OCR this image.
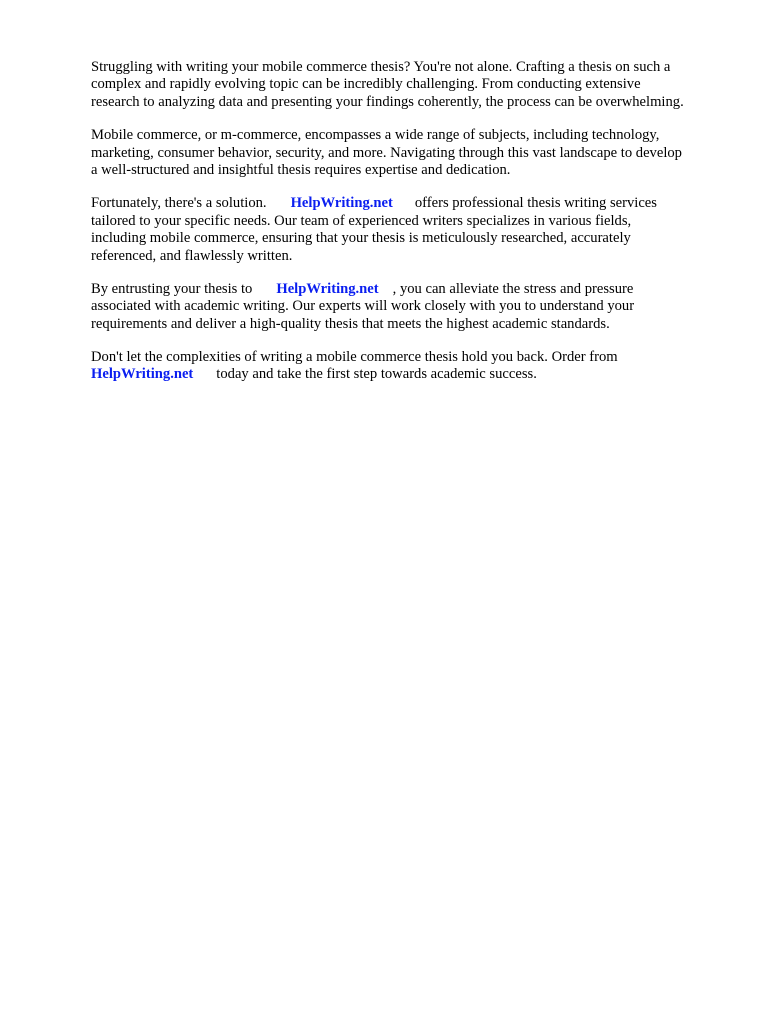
Struggling with writing your mobile commerce thesis? You're not alone. Crafting a thesis on such a
complex and rapidly evolving topic can be incredibly challenging. From conducting extensive
research to analyzing data and presenting your findings coherently, the process can be overwhelming.

Mobile commerce, or m-commerce, encompasses a wide range of subjects, including technology,
marketing, consumer behavior, security, and more. Navigating through this vast landscape to develop
a well-structured and insightful thesis requires expertise and dedication.

Fortunately, there's a solution. HelpWriting.net offers professional thesis writing services
tailored to your specific needs. Our team of experienced writers specializes in various fields,
including mobile commerce, ensuring that your thesis is meticulously researched, accurately
referenced, and flawlessly written.

By entrusting your thesis to HelpWriting.net , you can alleviate the stress and pressure
associated with academic writing. Our experts will work closely with you to understand your
requirements and deliver a high-quality thesis that meets the highest academic standards.

Don't let the complexities of writing a mobile commerce thesis hold you back. Order from
HelpWriting.net today and take the first step towards academic success.
